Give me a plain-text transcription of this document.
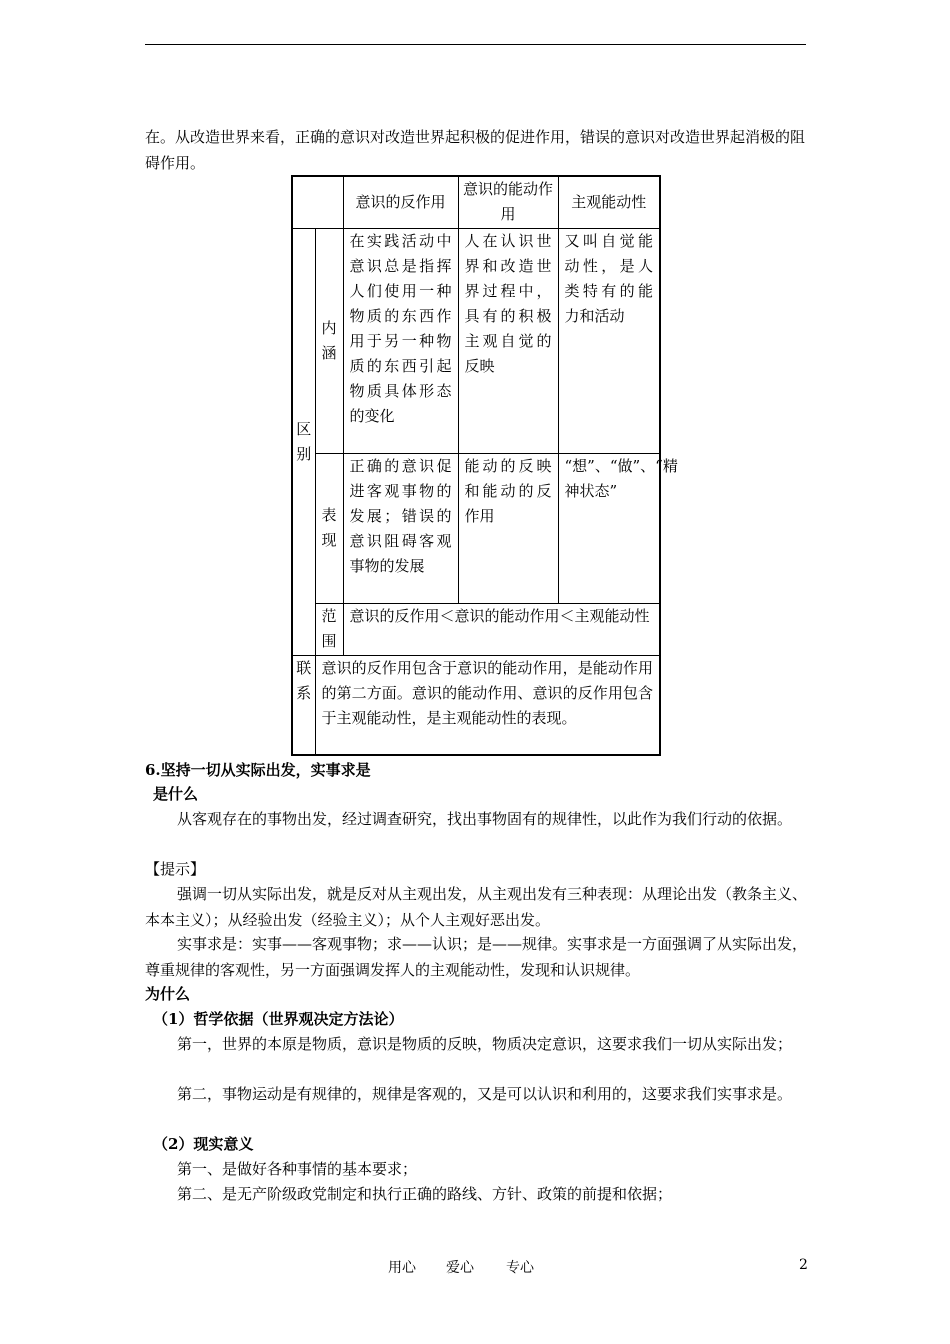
在。从改造世界来看，正确的意识对改造世界起积极的促进作用，错误的意识对改造世界起消极的阻碍作用。

		意识的反作用	意识的能动作用	主观能动性
区别	内涵	在实践活动中意识总是指挥人们使用一种物质的东西作用于另一种物质的东西引起物质具体形态的变化	人在认识世界和改造世界过程中，具有的积极主观自觉的反映	又叫自觉能动性，是人类特有的能力和活动
	表现	正确的意识促进客观事物的发展；错误的意识阻碍客观事物的发展	能动的反映和能动的反作用	“想”、“做”、“精神状态”
	范围	意识的反作用＜意识的能动作用＜主观能动性		
联系	意识的反作用包含于意识的能动作用，是能动作用的第二方面。意识的能动作用、意识的反作用包含于主观能动性，是主观能动性的表现。			

6.坚持一切从实际出发，实事求是

是什么

从客观存在的事物出发，经过调查研究，找出事物固有的规律性，以此作为我们行动的依据。

【提示】

强调一切从实际出发，就是反对从主观出发，从主观出发有三种表现：从理论出发（教条主义、本本主义）；从经验出发（经验主义）；从个人主观好恶出发。

实事求是：实事——客观事物；求——认识；是——规律。实事求是一方面强调了从实际出发，尊重规律的客观性，另一方面强调发挥人的主观能动性，发现和认识规律。

为什么

（1）哲学依据（世界观决定方法论）

第一，世界的本原是物质，意识是物质的反映，物质决定意识，这要求我们一切从实际出发；

第二，事物运动是有规律的，规律是客观的，又是可以认识和利用的，这要求我们实事求是。

（2）现实意义

第一、是做好各种事情的基本要求；

第二、是无产阶级政党制定和执行正确的路线、方针、政策的前提和依据；

用心 爱心 专心	2
